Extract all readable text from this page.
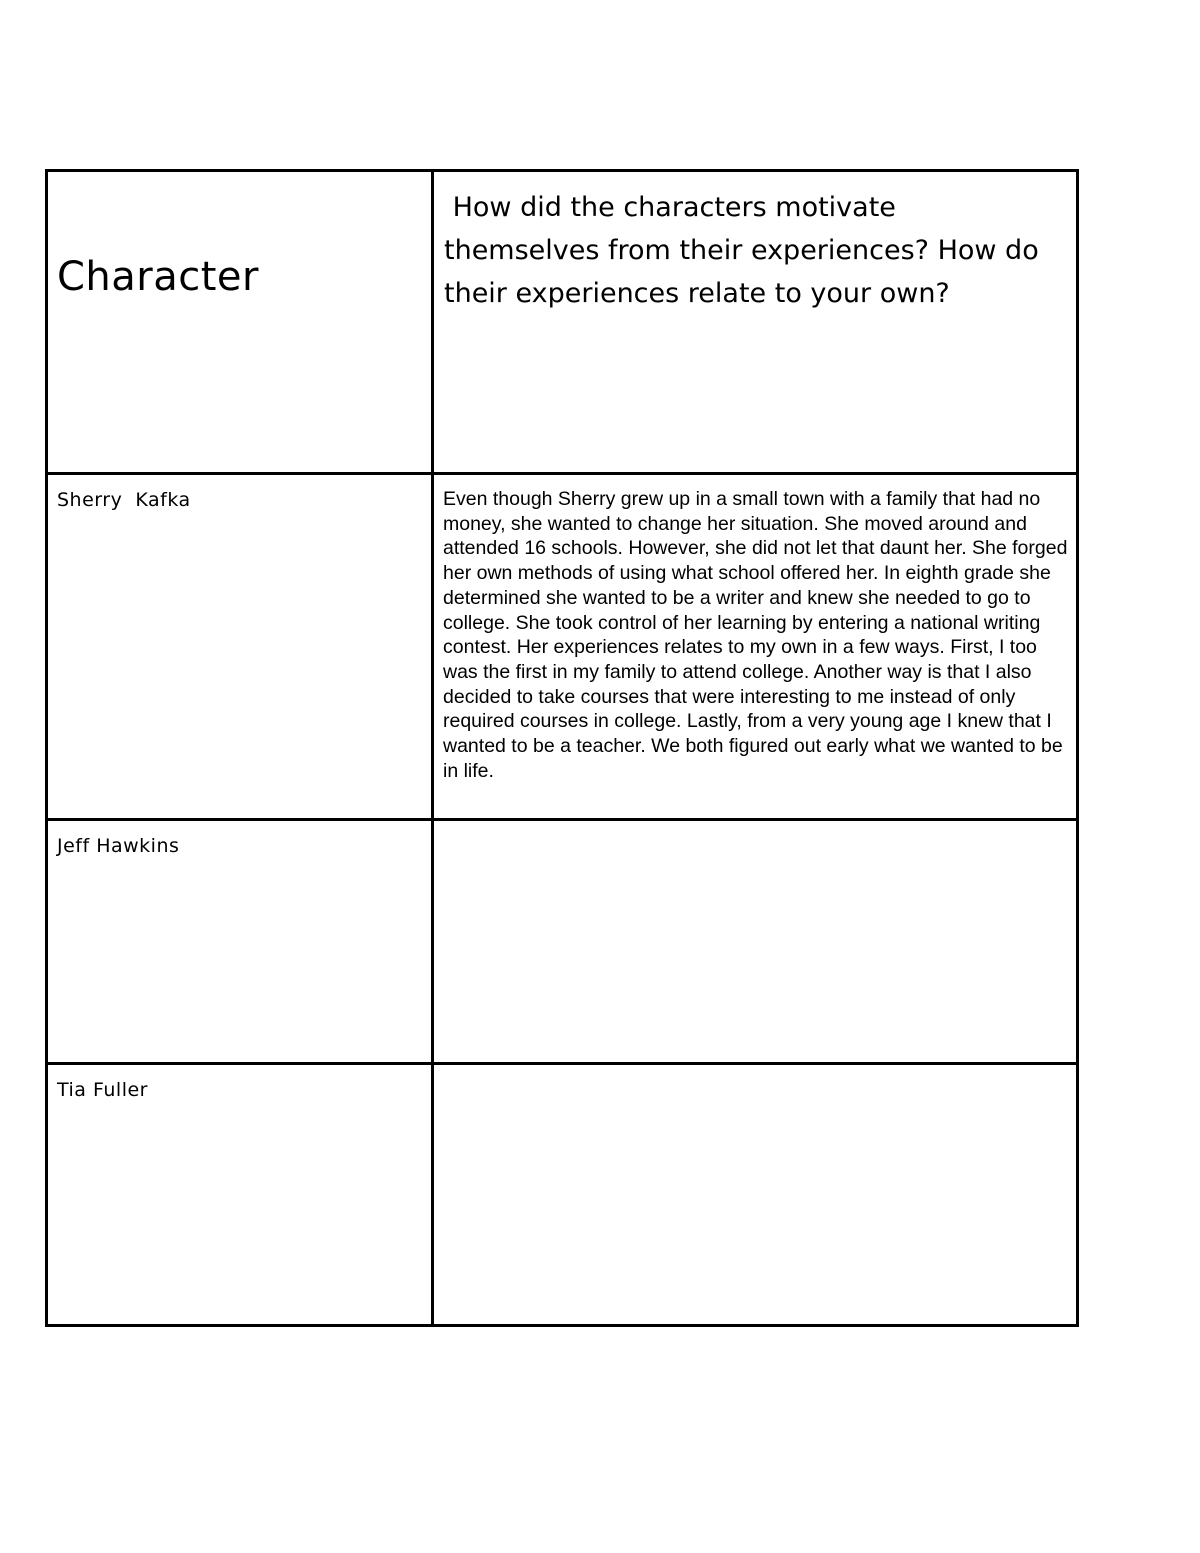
Character
How did the characters motivate themselves from their experiences? How do their experiences relate to your own?
Sherry  Kafka	Even though Sherry grew up in a small town with a family that had no money, she wanted to change her situation. She moved around and attended 16 schools. However, she did not let that daunt her. She forged her own methods of using what school offered her. In eighth grade she determined she wanted to be a writer and knew she needed to go to college. She took control of her learning by entering a national writing contest. Her experiences relates to my own in a few ways. First, I too was the first in my family to attend college. Another way is that I also decided to take courses that were interesting to me instead of only required courses in college. Lastly, from a very young age I knew that I wanted to be a teacher. We both figured out early what we wanted to be in life.

Jeff Hawkins

Tia Fuller
